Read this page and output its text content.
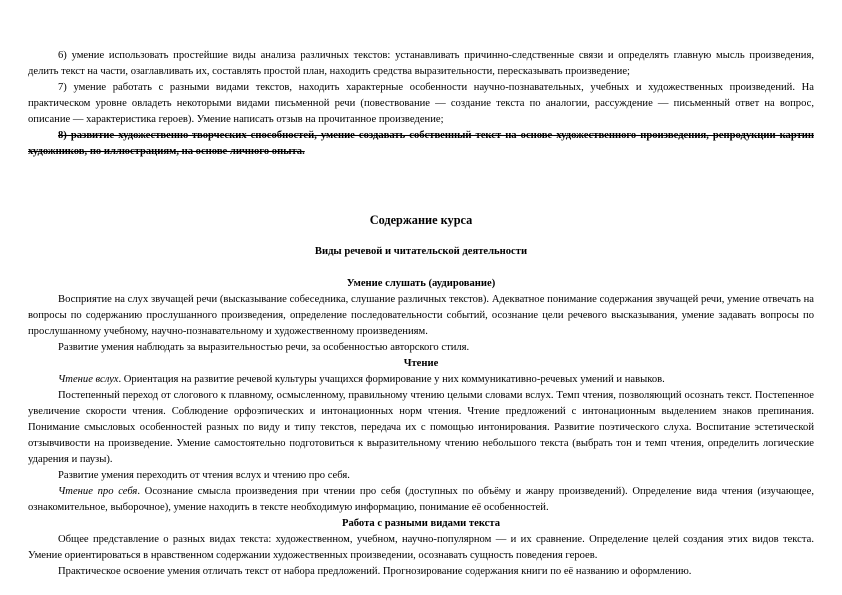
6) умение использовать простейшие виды анализа различных текстов: устанавливать причинно-следственные связи и определять главную мысль произведения, делить текст на части, озаглавливать их, составлять простой план, находить средства выразительности, пересказывать произведение;

7) умение работать с разными видами текстов, находить характерные особенности научно-познавательных, учебных и художественных произведений. На практическом уровне овладеть некоторыми видами письменной речи (повествование — создание текста по аналогии, рассуждение — письменный ответ на вопрос, описание — характеристика героев). Умение написать отзыв на прочитанное произведение;

8) развитие художественно-творческих способностей, умение создавать собственный текст на основе художественного произведения, репродукции картин художников, по иллюстрациям, на основе личного опыта.

Содержание курса
Виды речевой и читательской деятельности
Умение слушать (аудирование)

Восприятие на слух звучащей речи (высказывание собеседника, слушание различных текстов). Адекватное понимание содержания звучащей речи, умение отвечать на вопросы по содержанию прослушанного произведения, определение последовательности событий, осознание цели речевого высказывания, умение задавать вопросы по прослушанному учебному, научно-познавательному и художественному произведениям.

Развитие умения наблюдать за выразительностью речи, за особенностью авторского стиля.

Чтение

Чтение вслух. Ориентация на развитие речевой культуры учащихся формирование у них коммуникативно-речевых умений и навыков.

Постепенный переход от слогового к плавному, осмысленному, правильному чтению целыми словами вслух. Темп чтения, позволяющий осознать текст. Постепенное увеличение скорости чтения. Соблюдение орфоэпических и интонационных норм чтения. Чтение предложений с интонационным выделением знаков препинания. Понимание смысловых особенностей разных по виду и типу текстов, передача их с помощью интонирования. Развитие поэтического слуха. Воспитание эстетической отзывчивости на произведение. Умение самостоятельно подготовиться к выразительному чтению небольшого текста (выбрать тон и темп чтения, определить логические ударения и паузы).

Развитие умения переходить от чтения вслух и чтению про себя.

Чтение про себя. Осознание смысла произведения при чтении про себя (доступных по объёму и жанру произведений). Определение вида чтения (изучающее, ознакомительное, выборочное), умение находить в тексте необходимую информацию, понимание её особенностей.

Работа с разными видами текста

Общее представление о разных видах текста: художественном, учебном, научно-популярном — и их сравнение. Определение целей создания этих видов текста. Умение ориентироваться в нравственном содержании художественных произведении, осознавать сущность поведения героев.

Практическое освоение умения отличать текст от набора предложений. Прогнозирование содержания книги по её названию и оформлению.
